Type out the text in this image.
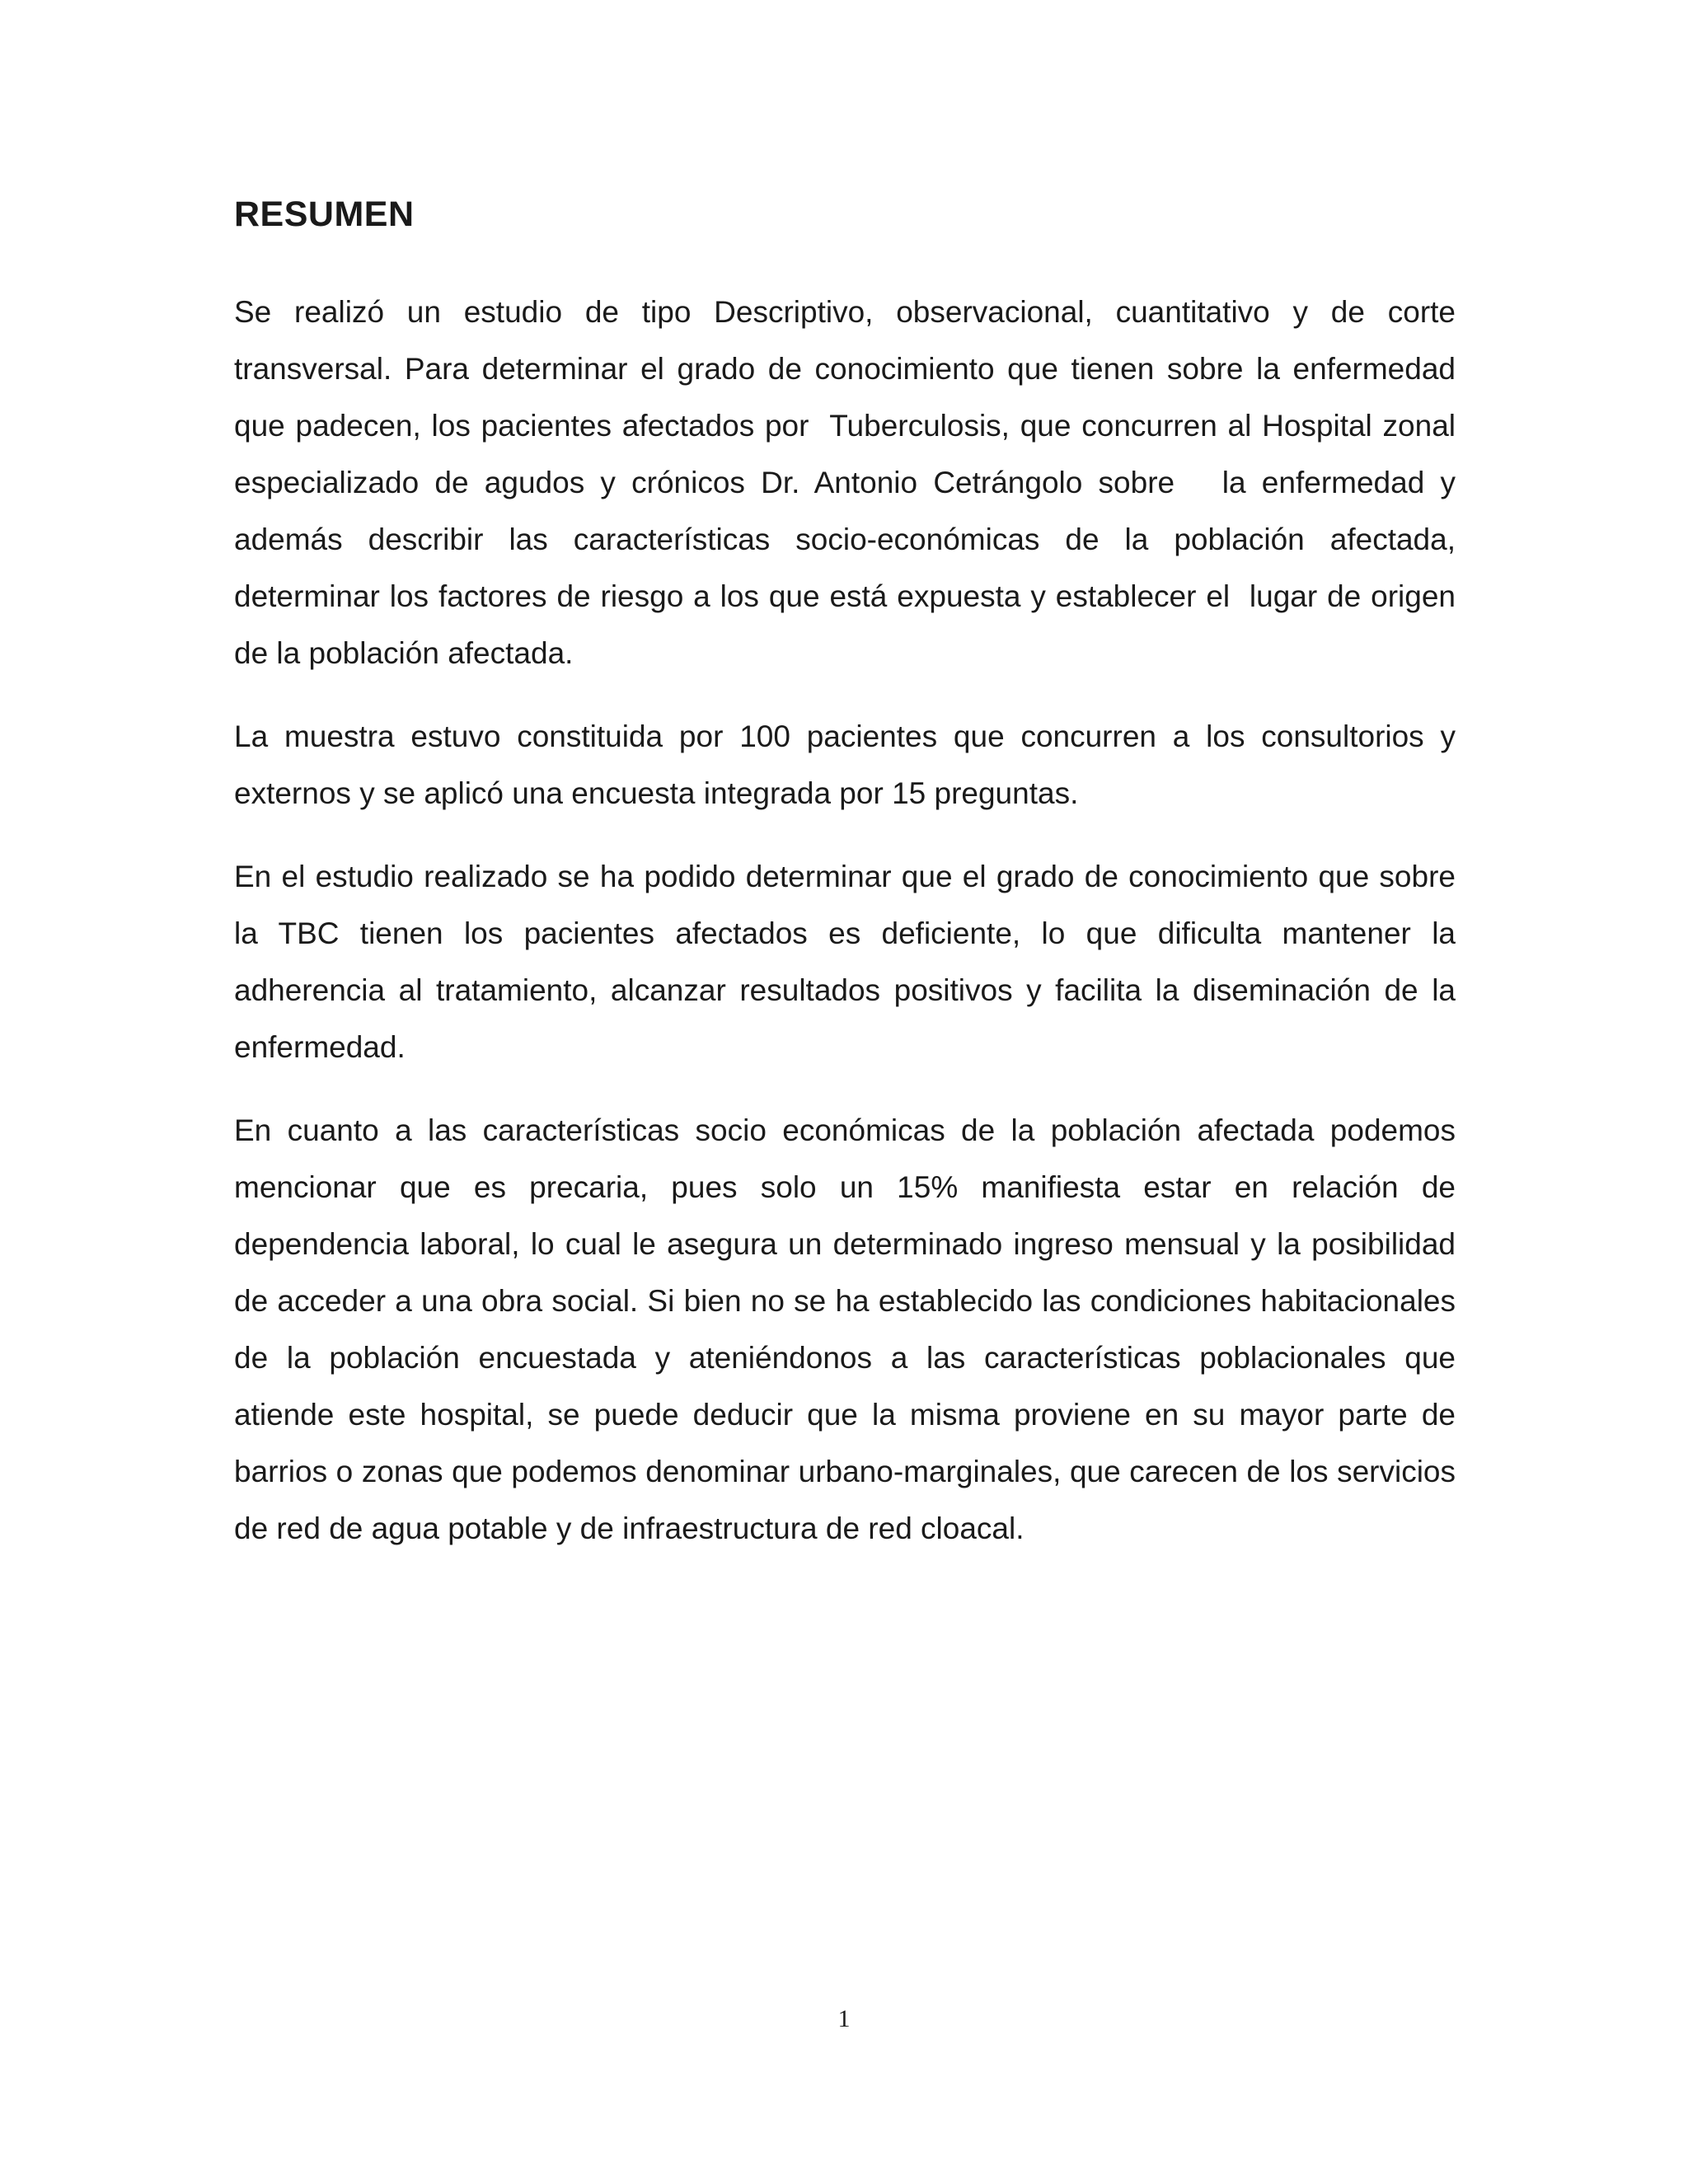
RESUMEN

Se realizó un estudio de tipo Descriptivo, observacional, cuantitativo y de corte transversal. Para determinar el grado de conocimiento que tienen sobre la enfermedad que padecen, los pacientes afectados por  Tuberculosis, que concurren al Hospital zonal especializado de agudos y crónicos Dr. Antonio Cetrángolo sobre   la enfermedad y además describir las características socio-económicas de la población afectada, determinar los factores de riesgo a los que está expuesta y establecer el  lugar de origen de la población afectada.

La muestra estuvo constituida por 100 pacientes que concurren a los consultorios y externos y se aplicó una encuesta integrada por 15 preguntas.

En el estudio realizado se ha podido determinar que el grado de conocimiento que sobre la TBC tienen los pacientes afectados es deficiente, lo que dificulta mantener la adherencia al tratamiento, alcanzar resultados positivos y facilita la diseminación de la enfermedad.

En cuanto a las características socio económicas de la población afectada podemos mencionar que es precaria, pues solo un 15% manifiesta estar en relación de dependencia laboral, lo cual le asegura un determinado ingreso mensual y la posibilidad de acceder a una obra social. Si bien no se ha establecido las condiciones habitacionales de la población encuestada y ateniéndonos a las características poblacionales que atiende este hospital, se puede deducir que la misma proviene en su mayor parte de barrios o zonas que podemos denominar urbano-marginales, que carecen de los servicios de red de agua potable y de infraestructura de red cloacal.

1
